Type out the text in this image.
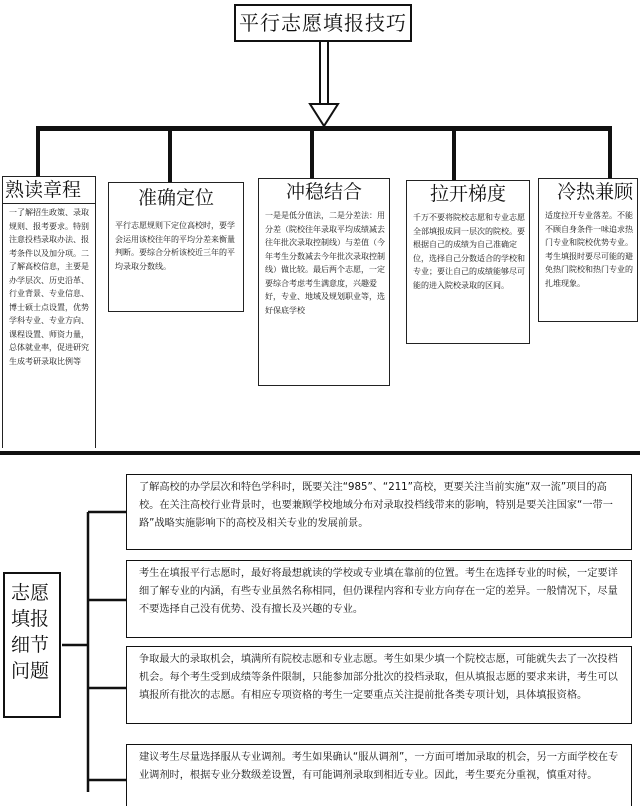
平行志愿填报技巧
熟读章程
一了解招生政策、录取规则、报考要求。特别注意投档录取办法、报考条件以及加分项。二了解高校信息，主要是办学层次、历史沿革、行业背景、专业信息、博士硕士点设置，优势学科专业、专业方向、课程设置、师资力量，总体就业率，促进研究生成考研录取比例等
准确定位
平行志愿规则下定位高校时，要学会运用该校往年的平均分差来衡量判断。要综合分析该校近三年的平均录取分数线。
冲稳结合
一是是低分值法，二是分差法：用分差（院校往年录取平均成绩减去往年批次录取控制线）与差值（今年考生分数减去今年批次录取控制线）做比较。最后两个志愿，一定要综合考虑考生满意度，兴趣爱好，专业、地域及规划职业等，选好保底学校
拉开梯度
千万不要将院校志愿和专业志愿全部填报成同一层次的院校。要根据自己的成绩为自己准确定位，选择自己分数适合的学校和专业；要让自己的成绩能够尽可能的进入院校录取的区间。
冷热兼顾
适度拉开专业落差。不能不顾自身条件一味追求热门专业和院校优势专业。考生填报时要尽可能的避免热门院校和热门专业的扎堆现象。
志愿
填报
细节
问题
了解高校的办学层次和特色学科时，既要关注“985”、“211”高校，更要关注当前实施“双一流”项目的高校。在关注高校行业背景时，也要兼顾学校地域分布对录取投档线带来的影响，特别是要关注国家“一带一路”战略实施影响下的高校及相关专业的发展前景。
考生在填报平行志愿时，最好将最想就读的学校或专业填在靠前的位置。考生在选择专业的时候，一定要详细了解专业的内涵，有些专业虽然名称相同，但仍课程内容和专业方向存在一定的差异。一般情况下，尽量不要选择自己没有优势、没有擅长及兴趣的专业。
争取最大的录取机会，填满所有院校志愿和专业志愿。考生如果少填一个院校志愿，可能就失去了一次投档机会。每个考生受到成绩等条件限制，只能参加部分批次的投档录取，但从填报志愿的要求来讲，考生可以填报所有批次的志愿。有相应专项资格的考生一定要重点关注提前批各类专项计划，具体填报资格。
建议考生尽量选择服从专业调剂。考生如果确认“服从调剂”，一方面可增加录取的机会，另一方面学校在专业调剂时，根据专业分数级差设置，有可能调剂录取到相近专业。因此，考生要充分重视，慎重对待。
